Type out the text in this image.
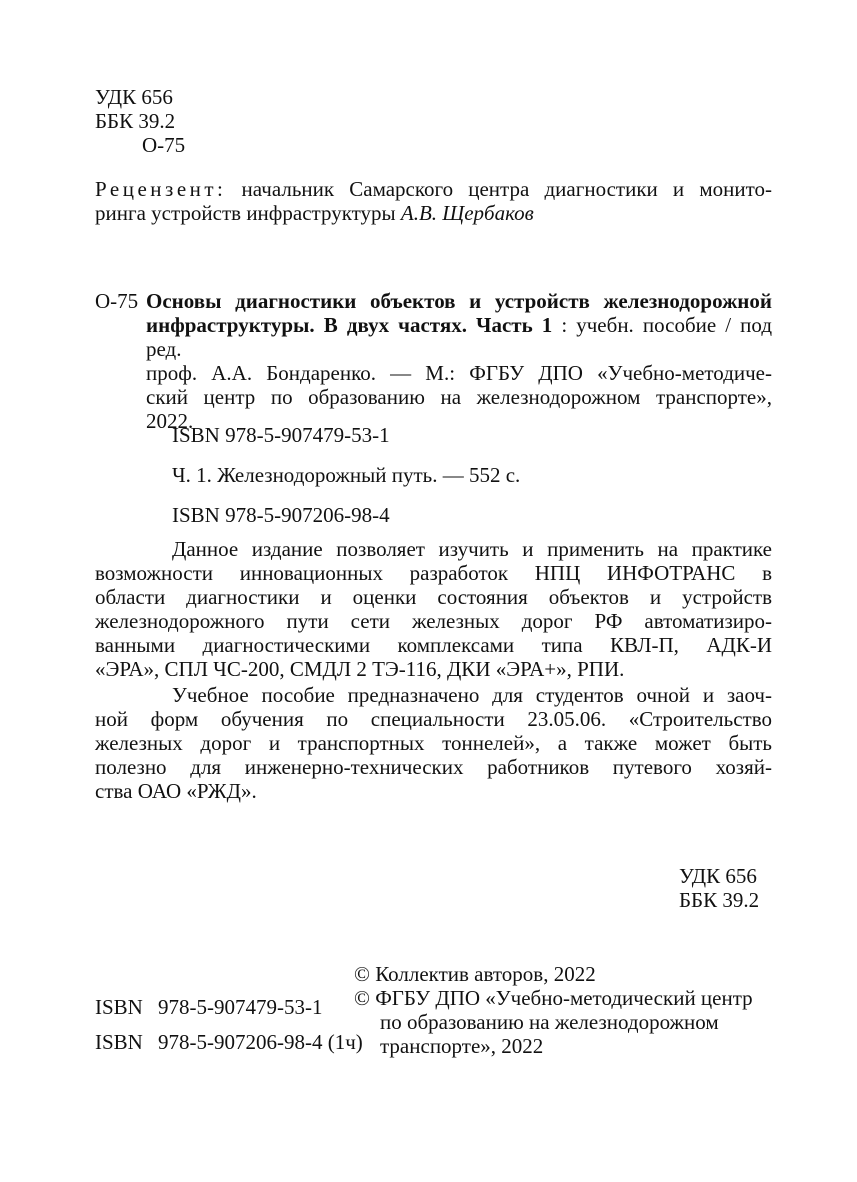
УДК 656
ББК 39.2
О-75
Рецензент: начальник Самарского центра диагностики и монито-
ринга устройств инфраструктуры А.В. Щербаков
О-75 Основы диагностики объектов и устройств железнодорожной
инфраструктуры. В двух частях. Часть 1 : учебн. пособие / под ред.
проф. А.А. Бондаренко. — М.: ФГБУ ДПО «Учебно-методиче-
ский центр по образованию на железнодорожном транспорте»,
2022.
ISBN 978-5-907479-53-1
Ч. 1. Железнодорожный путь. — 552 с.
ISBN 978-5-907206-98-4
Данное издание позволяет изучить и применить на практике
возможности инновационных разработок НПЦ ИНФОТРАНС в
области диагностики и оценки состояния объектов и устройств
железнодорожного пути сети железных дорог РФ автоматизиро-
ванными диагностическими комплексами типа КВЛ-П, АДК-И
«ЭРА», СПЛ ЧС-200, СМДЛ 2 ТЭ-116, ДКИ «ЭРА+», РПИ.
Учебное пособие предназначено для студентов очной и заоч-
ной форм обучения по специальности 23.05.06. «Строительство
железных дорог и транспортных тоннелей», а также может быть
полезно для инженерно-технических работников путевого хозяй-
ства ОАО «РЖД».
УДК 656
ББК 39.2
© Коллектив авторов, 2022
© ФГБУ ДПО «Учебно-методический центр
по образованию на железнодорожном
транспорте», 2022
ISBN 978-5-907479-53-1
ISBN 978-5-907206-98-4 (1ч)
